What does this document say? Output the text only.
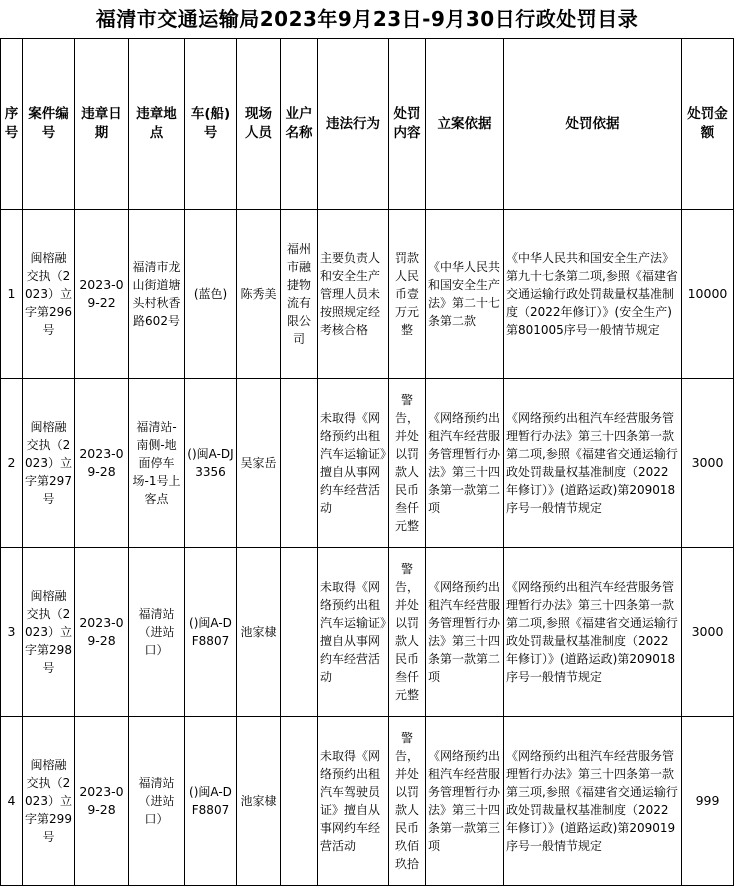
福清市交通运输局2023年9月23日-9月30日行政处罚目录
序号	案件编号	违章日期	违章地点	车(船)号	现场人员	业户名称	违法行为	处罚内容	立案依据	处罚依据	处罚金额
1	闽榕融交执（2023）立字第296号	2023-09-22	福清市龙山街道塘头村秋香路602号	(蓝色)	陈秀美	福州市融捷物流有限公司	主要负责人和安全生产管理人员未按照规定经考核合格	罚款人民币壹万元整	《中华人民共和国安全生产法》第二十七条第二款	《中华人民共和国安全生产法》第九十七条第二项,参照《福建省交通运输行政处罚裁量权基准制度（2022年修订）》(安全生产)第801005序号一般情节规定	10000
2	闽榕融交执（2023）立字第297号	2023-09-28	福清站-南侧-地面停车场-1号上客点	()闽A-DJ3356	吴家岳		未取得《网络预约出租汽车运输证》擅自从事网约车经营活动	警告，并处以罚款人民币叁仟元整	《网络预约出租汽车经营服务管理暂行办法》第三十四条第一款第二项	《网络预约出租汽车经营服务管理暂行办法》第三十四条第一款第二项,参照《福建省交通运输行政处罚裁量权基准制度（2022年修订）》(道路运政)第209018序号一般情节规定	3000
3	闽榕融交执（2023）立字第298号	2023-09-28	福清站（进站口）	()闽A-DF8807	池家棣		未取得《网络预约出租汽车运输证》擅自从事网约车经营活动	警告，并处以罚款人民币叁仟元整	《网络预约出租汽车经营服务管理暂行办法》第三十四条第一款第二项	《网络预约出租汽车经营服务管理暂行办法》第三十四条第一款第二项,参照《福建省交通运输行政处罚裁量权基准制度（2022年修订）》(道路运政)第209018序号一般情节规定	3000
4	闽榕融交执（2023）立字第299号	2023-09-28	福清站（进站口）	()闽A-DF8807	池家棣		未取得《网络预约出租汽车驾驶员证》擅自从事网约车经营活动	警告，并处以罚款人民币玖佰玖拾	《网络预约出租汽车经营服务管理暂行办法》第三十四条第一款第三项	《网络预约出租汽车经营服务管理暂行办法》第三十四条第一款第三项,参照《福建省交通运输行政处罚裁量权基准制度（2022年修订）》(道路运政)第209019序号一般情节规定	999
